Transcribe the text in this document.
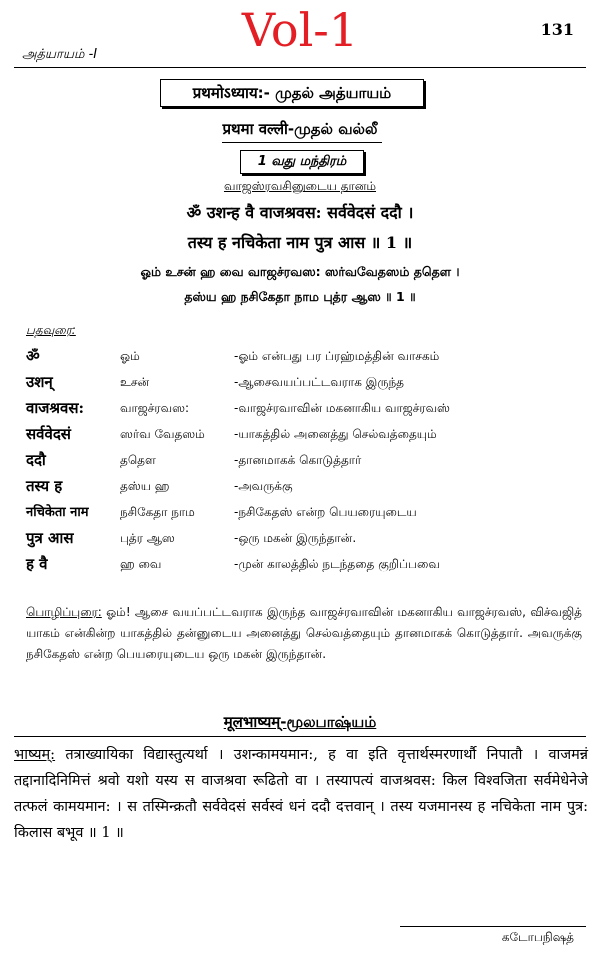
Vol-1	131
அத்யாயம் -I
प्रथमोऽध्याय:- முதல் அத்யாயம்
प्रथमा वल्ली-முதல் வல்லீ
1 வது மந்திரம்
வாஜஸ்ரவசினுடைய தானம்
ॐ उशन्ह वै वाजश्रवस: सर्ववेदसं ददौ ।
तस्य ह नचिकेता नाम पुत्र आस ॥ 1 ॥
ஓம் உசன் ஹ வை வாஜச்ரவஸ: ஸர்வவேதஸம் ததௌ ।
தஸ்ய ஹ நசிகேதா நாம புத்ர ஆஸ ॥ 1 ॥
பதவுரை:
ॐ	ஓம்	-ஓம் என்பது பர ப்ரஹ்மத்தின் வாசகம்
उशन्	உசன்	-ஆசைவயப்பட்டவராக இருந்த
वाजश्रवस:	வாஜச்ரவஸ:	-வாஜச்ரவாவின் மகனாகிய வாஜச்ரவஸ்
सर्ववेदसं	ஸர்வ வேதஸம் -யாகத்தில் அனைத்து செல்வத்தையும்
ददौ	ததௌ	-தானமாகக் கொடுத்தார்
तस्य ह	தஸ்ய ஹ	-அவருக்கு
नचिकेता नाम	நசிகேதா நாம	-நசிகேதஸ் என்ற பெயரையுடைய
पुत्र आस	புத்ர ஆஸ	-ஒரு மகன் இருந்தான்.
ह वै	ஹ வை	-முன் காலத்தில் நடந்ததை குறிப்பவை
பொழிப்புரை: ஓம்! ஆசை வயப்பட்டவராக இருந்த வாஜச்ரவாவின் மகனாகிய வாஜச்ரவஸ், விச்வஜித் யாகம் என்கின்ற யாகத்தில் தன்னுடைய அனைத்து செல்வத்தையும் தானமாகக் கொடுத்தார். அவருக்கு நசிகேதஸ் என்ற பெயரையுடைய ஒரு மகன் இருந்தான்.
मूलभाष्यम्-மூலபாஷ்யம்
भाष्यम्: तत्राख्यायिका विद्यास्तुत्यर्था । उशन्कामयमान:, ह वा इति वृत्तार्थस्मरणार्थौ निपातौ । वाजमन्नं तद्दानादिनिमित्तं श्रवो यशो यस्य स वाजश्रवा रूढितो वा । तस्यापत्यं वाजश्रवस: किल विश्वजिता सर्वमेधेनेजे तत्फलं कामयमान: । स तस्मिन्क्रतौ सर्ववेदसं सर्वस्वं धनं ददौ दत्तवान् । तस्य यजमानस्य ह नचिकेता नाम पुत्र: किलास बभूव ॥ 1 ॥
கடோபநிஷத்
